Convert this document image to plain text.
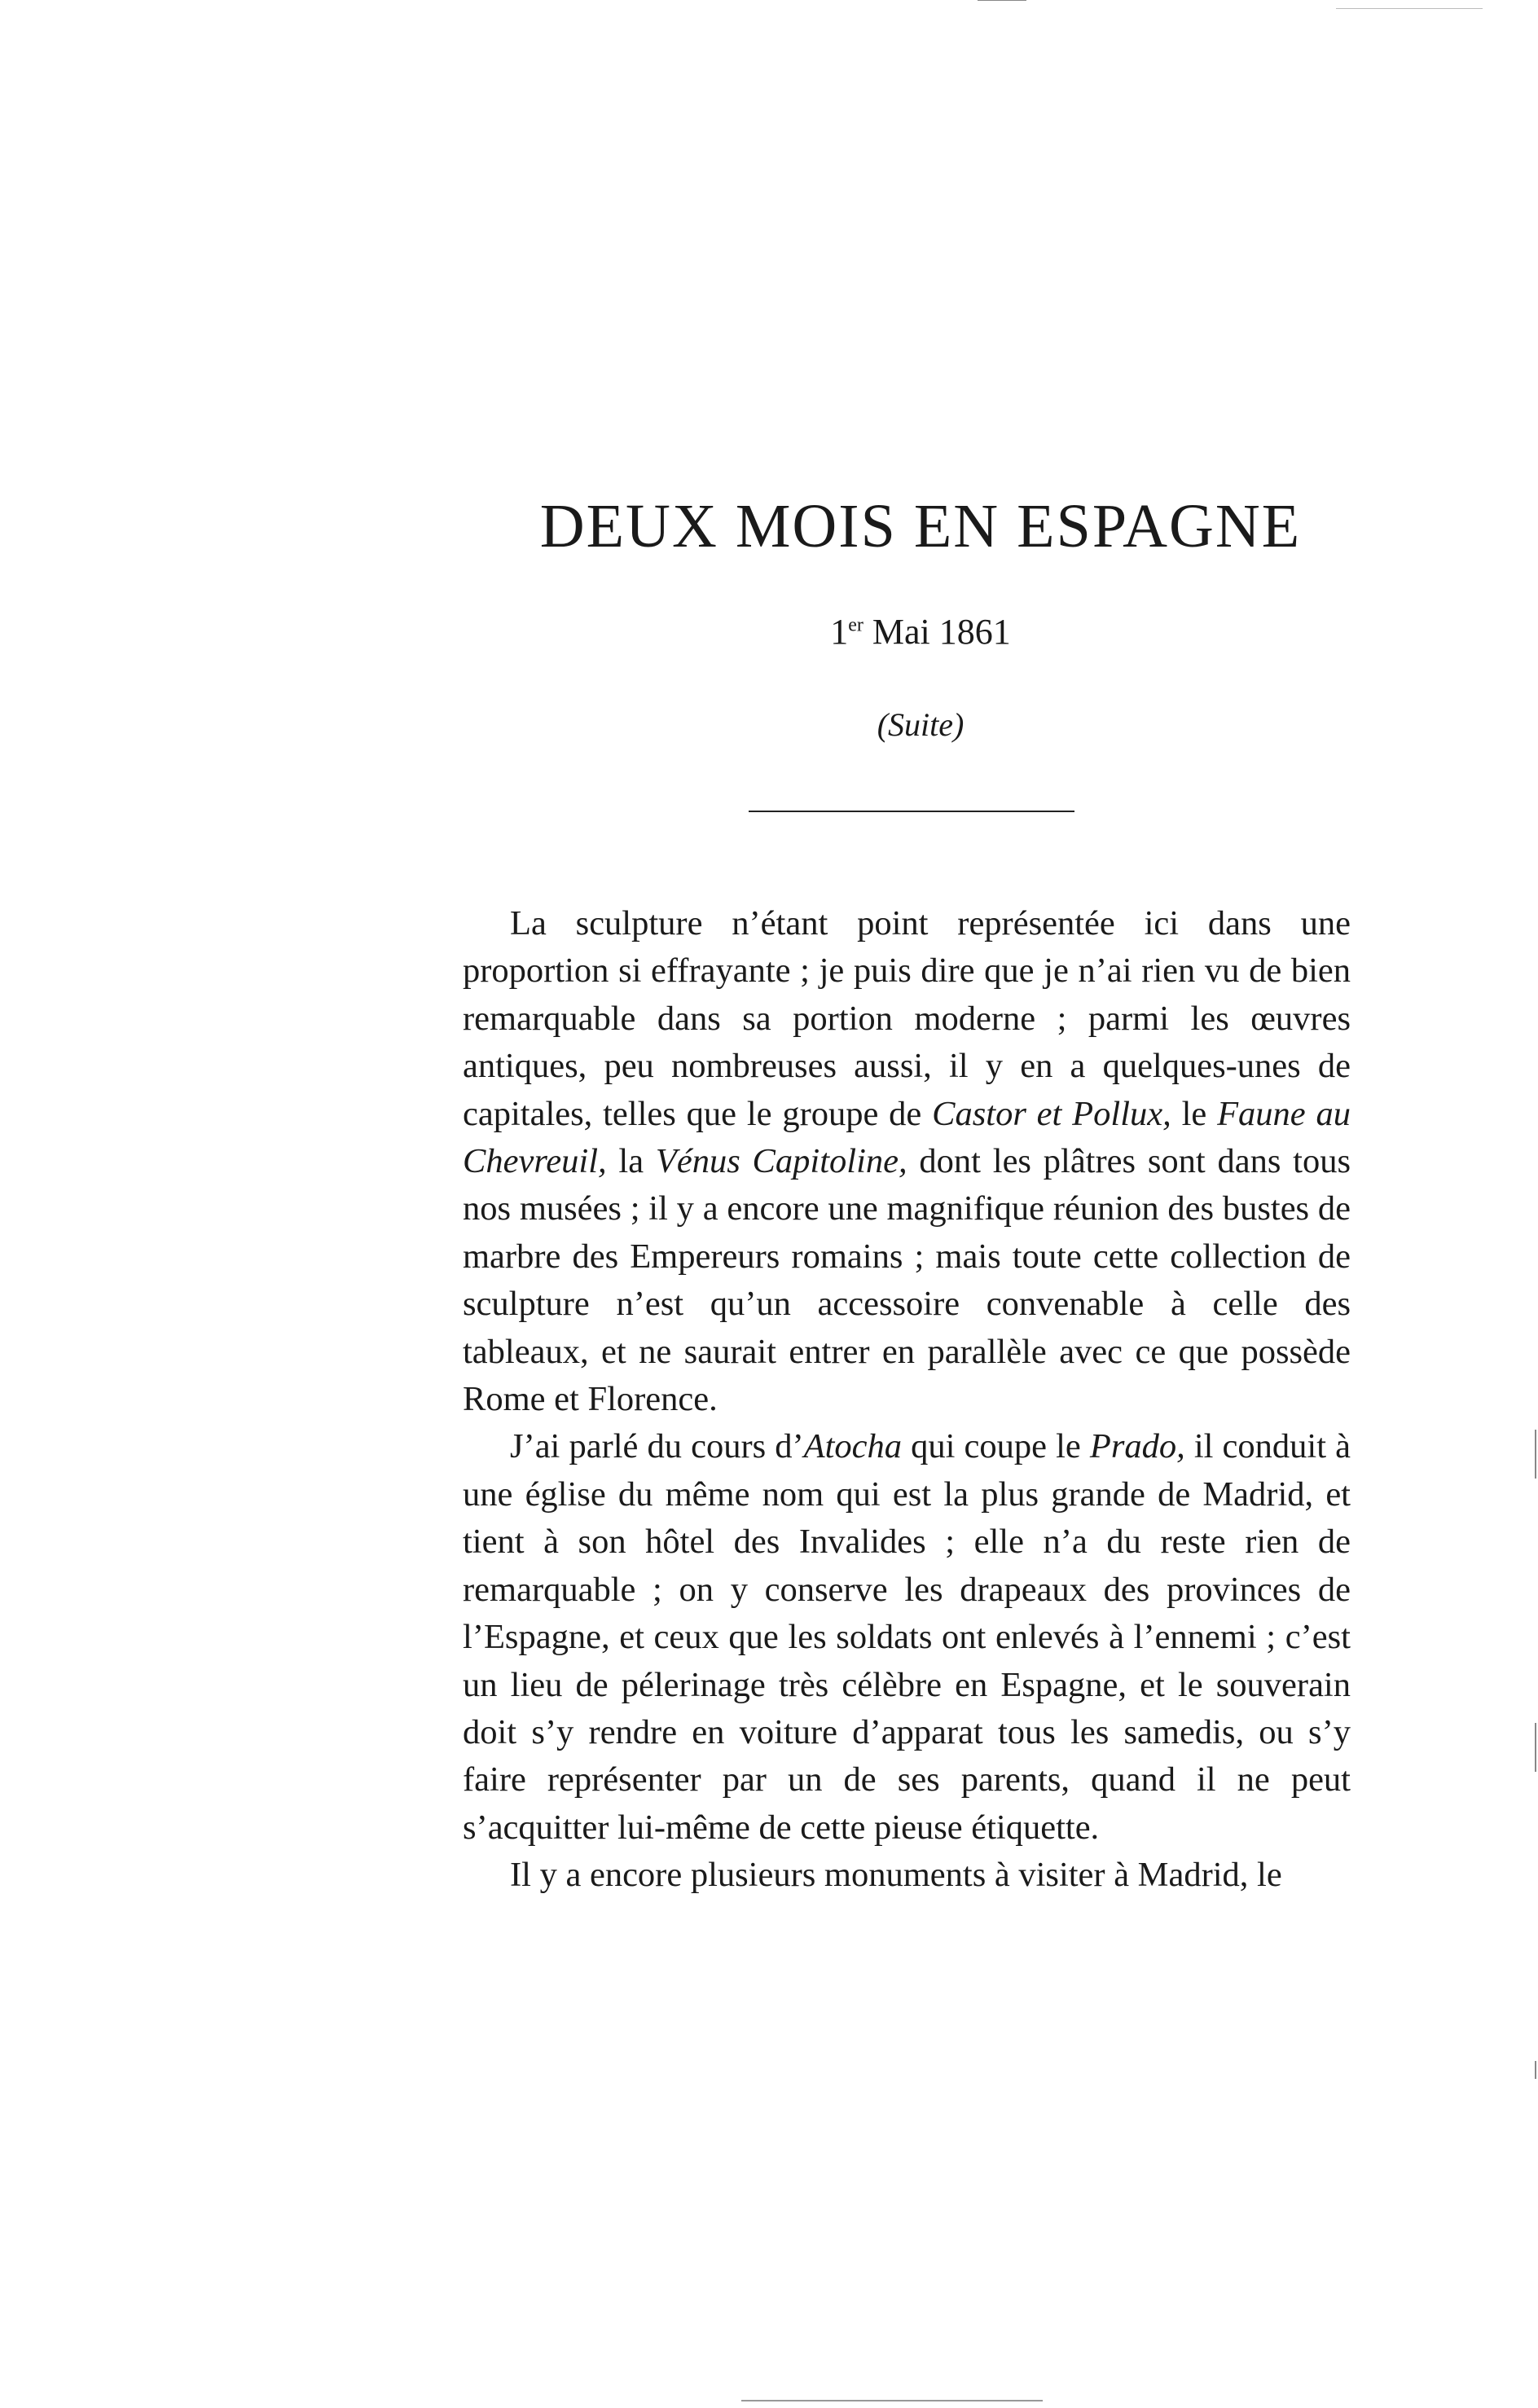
DEUX MOIS EN ESPAGNE
1er Mai 1861
(Suite)

La sculpture n’étant point représentée ici dans une proportion si effrayante ; je puis dire que je n’ai rien vu de bien remarquable dans sa portion moderne ; parmi les œuvres antiques, peu nombreuses aussi, il y en a quelques-unes de capitales, telles que le groupe de Castor et Pollux, le Faune au Chevreuil, la Vénus Capitoline, dont les plâtres sont dans tous nos musées ; il y a encore une magnifique réunion des bustes de marbre des Empereurs romains ; mais toute cette collection de sculpture n’est qu’un accessoire convenable à celle des tableaux, et ne saurait entrer en parallèle avec ce que possède Rome et Florence.

J’ai parlé du cours d’Atocha qui coupe le Prado, il conduit à une église du même nom qui est la plus grande de Madrid, et tient à son hôtel des Invalides ; elle n’a du reste rien de remarquable ; on y conserve les drapeaux des provinces de l’Espagne, et ceux que les soldats ont enlevés à l’ennemi ; c’est un lieu de pélerinage très célèbre en Espagne, et le souverain doit s’y rendre en voiture d’apparat tous les samedis, ou s’y faire représenter par un de ses parents, quand il ne peut s’acquitter lui-même de cette pieuse étiquette.

Il y a encore plusieurs monuments à visiter à Madrid, le
